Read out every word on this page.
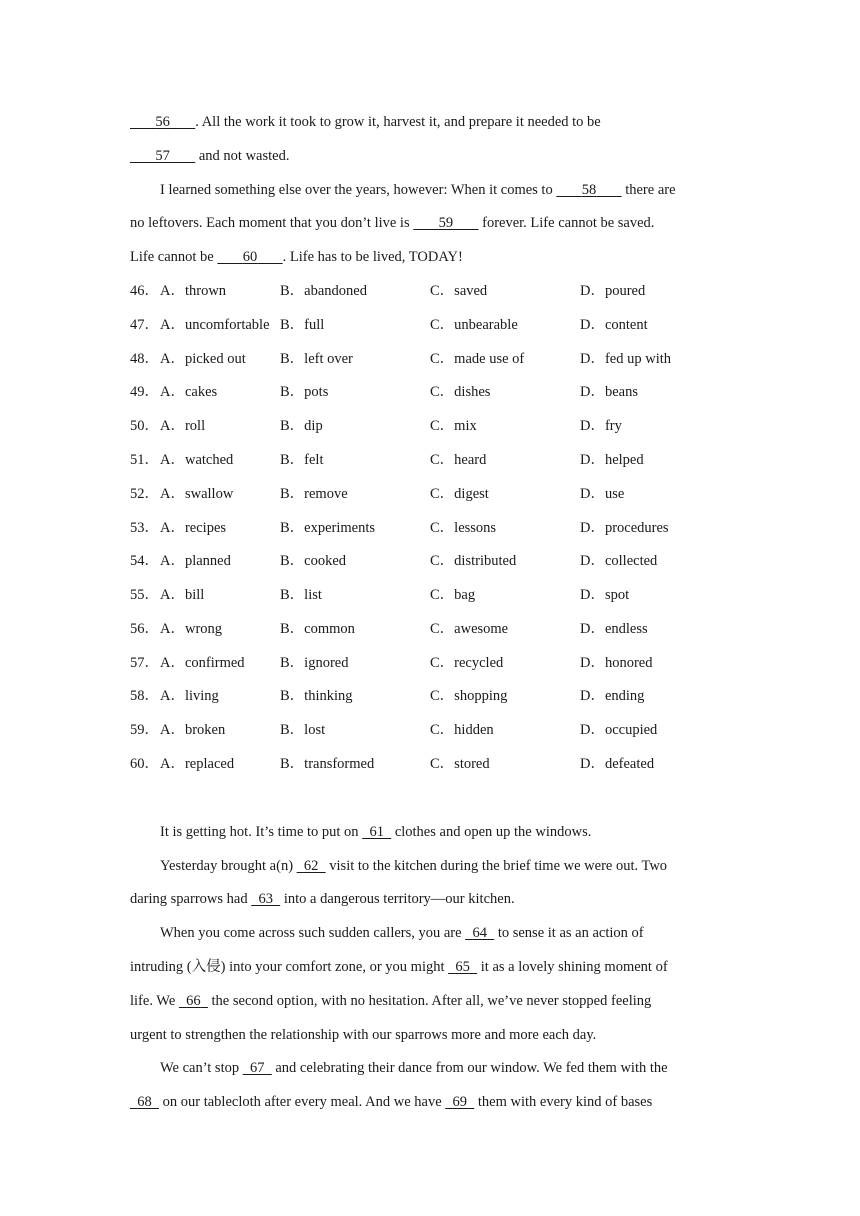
​       56 . All the work it took to grow it, harvest it, and prepare it needed to be
57        and not wasted.
I learned something else over the years, however: When it comes to        58        there are
no leftovers. Each moment that you don’t live is        59        forever. Life cannot be saved.
Life cannot be        60 . Life has to be lived, TODAY!
46． A．thrown	B．abandoned	C．saved	D．poured
47． A．uncomfortable B．full	C．unbearable	D．content
48． A．picked out B．left over	C．made use of	D．fed up with
49． A．cakes	B．pots	C．dishes	D．beans
50． A．roll	B．dip	C．mix	D．fry
51． A．watched	B．felt	C．heard	D．helped
52． A．swallow	B．remove	C．digest	D．use
53． A．recipes	B．experiments	C．lessons	D．procedures
54． A．planned	B．cooked	C．distributed	D．collected
55． A．bill	B．list	C．bag	D．spot
56． A．wrong	B．common	C．awesome	D．endless
57． A．confirmed B．ignored	C．recycled	D．honored
58． A．living	B．thinking	C．shopping	D．ending
59． A．broken	B．lost	C．hidden	D．occupied
60． A．replaced	B．transformed	C．stored	D．defeated
It is getting hot. It’s time to put on   61   clothes and open up the windows.
Yesterday brought a(n)   62   visit to the kitchen during the brief time we were out. Two
daring sparrows had   63   into a dangerous territory—our kitchen.
When you come across such sudden callers, you are   64   to sense it as an action of
intruding (入侵) into your comfort zone, or you might   65   it as a lovely shining moment of
life. We   66   the second option, with no hesitation. After all, we’ve never stopped feeling
urgent to strengthen the relationship with our sparrows more and more each day.
We can’t stop   67   and celebrating their dance from our window. We fed them with the
68   on our tablecloth after every meal. And we have   69   them with every kind of bases
